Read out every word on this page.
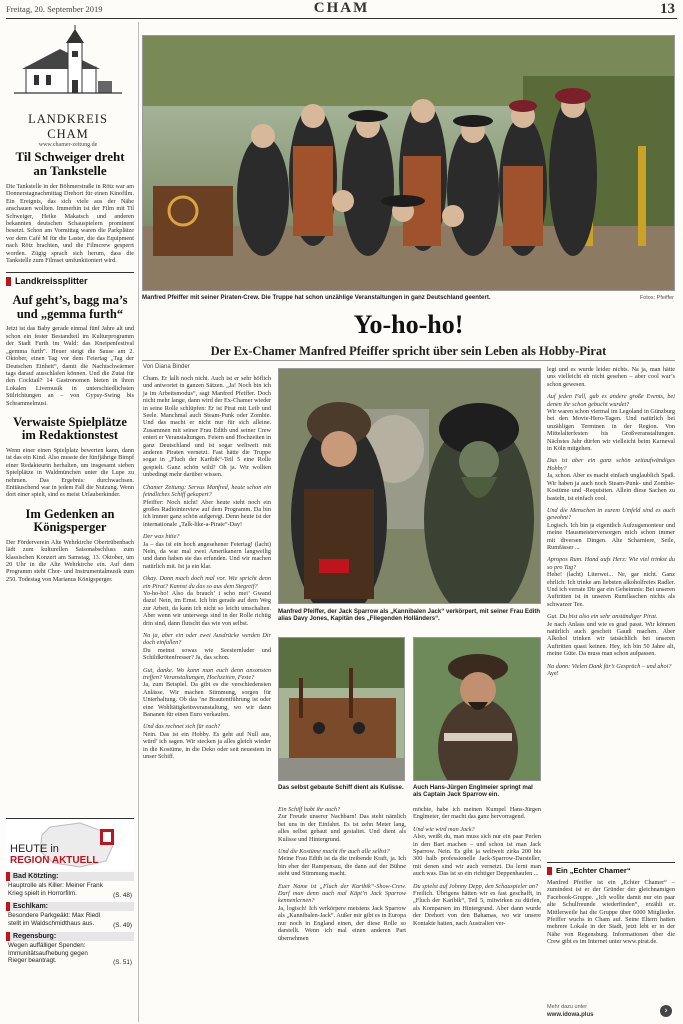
Freitag, 20. September 2019	CHAM	13
LANDKREIS CHAM
www.chamer-zeitung.de
Til Schweiger dreht an Tankstelle
Die Tankstelle in der Böhmerstraße in Rötz war am Donnerstagnachmittag Drehort für einen Kinofilm. Ein Ereignis, das sich viele aus der Nähe anschauen wollten. Immerhin ist der Film mit Til Schweiger, Heike Makatsch und anderen bekannten deutschen Schauspielern prominent besetzt. Schon am Vormittag waren die Parkplätze vor dem Café M für die Laster, die das Equipment nach Rötz brachten, und die Filmcrew gesperrt worden. Zügig sprach sich herum, dass die Tankstelle zum Filmset umfunktioniert wird.
Landkreissplitter
Auf geht’s, bagg ma’s und „gemma furth“
Jetzt ist das Baby gerade einmal fünf Jahre alt und schon ein fester Bestandteil im Kulturprogramm der Stadt Furth im Wald: das Kneipenfestival „gemma furth“. Heuer steigt die Sause am 2. Oktober, einen Tag vor dem Feiertag „Tag der Deutschen Einheit“, damit die Nachtschwärmer tags darauf ausschlafen können. Und die Zutat für den Cocktail? 14 Gastronomen bieten in ihren Lokalen Livemusik in unterschiedlichsten Stilrichtungen an – von Gypsy-Swing bis Schrammelmusi.
Verwaiste Spielplätze im Redaktionstest
Wenn einer einen Spielplatz bewerten kann, dann ist das ein Kind. Also musste der fünfjährige Bimpf einer Redakteurin herhalten, um insgesamt sieben Spielplätze in Waldmünchen unter die Lupe zu nehmen. Das Ergebnis: durchwachsen. Enttäuschend war in jedem Fall die Nutzung. Wenn dort einer spielt, sind es meist Urlauberkinder.
Im Gedenken an Königsperger
Der Förderverein Alte Wehrkirche Obertrübenbach lädt zum kulturellen Saisonabschluss zum klassischen Konzert am Samstag, 13. Oktober, um 20 Uhr in die Alte Wehrkirche ein. Auf dem Programm steht Chor- und Instrumentalmusik zum 250. Todestag von Marianus Königsperger.
HEUTE in
REGION AKTUELL
Bad Kötzting:
Hauptrolle als Killer: Meiner Frank Krieg spielt in Horrorfilm.	(S. 48)
Eschlkam:
Besondere Parkgeäkt: Max Riedl stellt im Waldschmidthaus aus.	(S. 49)
Regensburg:
Wegen auffälliger Spenden: Immunitätsaufhebung gegen Rieger beantragt.	(S. 51)
Manfred Pfeiffer mit seiner Piraten-Crew. Die Truppe hat schon unzählige Veranstaltungen in ganz Deutschland geentert.	Fotos: Pfeiffer
Yo-ho-ho!
Der Ex-Chamer Manfred Pfeiffer spricht über sein Leben als Hobby-Pirat
Von Diana Binder
Cham. Er lallt noch nicht. Auch ist er sehr höflich und antwortet in ganzen Sätzen. „Ja! Noch bin ich ja im Arbeitsmodus“, sagt Manfred Pfeiffer. Doch nicht mehr lange, dann wird der Ex-Chamer wieder in seine Rolle schlüpfen: Er ist Pirat mit Leib und Seele. Manchmal auch Steam-Punk oder Zombie. Und das macht er nicht nur für sich alleine. Zusammen mit seiner Frau Edith und seiner Crew entert er Veranstaltungen. Feiern und Hochzeiten in ganz Deutschland und ist sogar weltweit mit anderen Piraten vernetzt. Fast hätte die Truppe sogar in „Fluch der Karibik“-Teil 5 eine Rolle gespielt. Ganz schön wild? Oh ja. Wir wollten unbedingt mehr darüber wissen.
Chamer Zeitung: Servus Manfred, heute schon ein feindliches Schiff gekapert?
Pfeiffer: Noch nicht! Aber heute steht noch ein großes Radiointerview auf dem Programm. Da bin ich immer ganz schön aufgeregt. Denn heute ist der internationale „Talk-like-a-Pirate“-Day!
Der was bitte?
Ja – das ist ein hoch angesehener Feiertag! (lacht) Nein, da war mal zwei Amerikanern langweilig und dann haben sie das erfunden. Und wir machen natürlich mit. Ist ja ein klar.
Okay. Dann mach doch mal vor. Wie spricht denn ein Pirat? Kannst du das so aus dem Stegreif?
Yo-ho-ho! Also da brauch’ i scho mei’ Gwand dazu! Nein, im Ernst. Ich bin gerade auf dem Weg zur Arbeit, da kann ich nicht so leicht umschalten. Aber wenn wir unterwegs sind in der Rolle richtig drin sind, dann flutscht das wie von selbst.
Na ja, aber ein oder zwei Ausdrücke werden Dir doch einfallen?
Du meinst sowas wie Seesternluder und Schildkrötenfresser? Ja, das schon.
Gut, danke. Wo kann man euch denn ansonsten treffen? Veranstaltungen, Hochzeiten, Feste?
Ja, zum Beispiel. Da gibt es die verschiedensten Anlässe. Wir machen Stimmung, sorgen für Unterhaltung. Ob das ‘ne Brautentführung ist oder eine Wohltätigkeitsveranstaltung, wo wir dann Bananen für einen Euro verkaufen.
Und das rechnet sich für euch?
Nein. Das ist ein Hobby. Es geht auf Null aus, würd’ ich sagen. Wir stecken ja alles gleich wieder in die Kostüme, in die Deko oder seit neuestem in unser Schiff.
Manfred Pfeiffer, der Jack Sparrow als „Kannibalen Jack“ verkörpert, mit seiner Frau Edith alias Davy Jones, Kapitän des „Fliegenden Holländers“.
Das selbst gebaute Schiff dient als Kulisse. Auch Hans-Jürgen Englmeier springt mal als Captain Jack Sparrow ein.
Ein Schiff habt ihr auch?
Zur Freude unserer Nachbarn! Das steht nämlich bei uns in der Einfahrt. Es ist zehn Meter lang, alles selbst gebaut und gestaltet. Und dient als Kulisse und Hintergrund.
Und die Kostüme macht ihr auch alle selbst?
Meine Frau Edith ist da die treibende Kraft, ja. Ich bin eher der Rampensau, die dann auf der Bühne steht und Stimmung macht.
Euer Name ist „Fluch der Karibik“-Show-Crew. Darf man denn auch mal Käpt’n Jack Sparrow kennenlernen?
Ja, logisch! Ich verkörpere meistens Jack Sparrow als „Kannibalen-Jack“. Außer mir gibt es in Europa nur noch in England einen, der diese Rolle so darstellt. Wenn ich mal einen anderen Part übernehmen
möchte, habe ich meinen Kumpel Hans-Jürgen Englmeier, der macht das ganz hervorragend.
Und wie wird man Jack?
Also, weißt du, man muss sich nur ein paar Perlen in den Bart machen – und schon ist man Jack Sparrow. Nein. Es gibt ja weltweit zirka 200 bis 300 halb professionelle Jack-Sparrow-Darsteller, mit denen sind wir auch vernetzt. Da lernt man auch was. Das ist so ein richtiger Deppenhaufen ...
Du spielst auf Johnny Depp, den Schauspieler an?
Freilich. Übrigens hätten wir es fast geschafft, in „Fluch der Karibik“, Teil 5, mitwirken zu dürfen, als Komparsen im Hintergrund. Aber dann wurde der Drehort von den Bahamas, wo wir unsere Kontakte hatten, nach Australien ver-
legt und es wurde leider nichts. Na ja, man hätte uns vielleicht eh nicht gesehen – aber cool war’s schon gewesen.
Auf jeden Fall, gab es andere große Events, bei denen ihr schon gebucht wurdet?
Wir waren schon viermal im Legoland in Günzburg bei den Movie-Hero-Tagen. Und natürlich bei unzähligen Terminen in der Region. Von Mittelalterfesten bis Großveranstaltungen. Nächstes Jahr dürfen wir vielleicht beim Karneval in Köln mitgehen.
Das ist aber ein ganz schön zeitaufwändiges Hobby?
Ja, schon. Aber es macht einfach unglaublich Spaß. Wir haben ja auch noch Steam-Punk- und Zombie-Kostüme und -Requisiten. Allein diese Sachen zu basteln, ist einfach cool.
Und die Menschen in eurem Umfeld sind es auch gewohnt?
Logisch. Ich bin ja eigentlich Aufzugsmonteur und meine Hausmeisterversorgen mich schon immer mit diversen Dingen. Alte Scharniere, Seile, Rumfässer ...
Apropos Rum. Hand aufs Herz: Wie viel trinkst du so pro Tag?
Hehe! (lacht) Literwei... Ne, gar nicht. Ganz ehrlich: Ich trinke am liebsten alkoholfreies Radler. Und ich verrate Dir gar ein Geheimnis: Bei unseren Auftritten ist in unseren Rumflaschen nichts als schwarzer Tee.
Gut. Du bist also ein sehr anständiger Pirat.
Je nach Anlass und wie es grad passt. Wir können natürlich auch gescheit Gaudi machen. Aber Alkohol trinken wir tatsächlich bei unseren Auftritten quasi keinen. Hey, ich bin 50 Jahre alt, meine Güte. Da muss man schon aufpassen.
Na dann: Vielen Dank für’s Gespräch – und ahoi?
Aye!
Ein „Echter Chamer“
Manfred Pfeiffer ist ein „Echter Chamer“ – zumindest ist er der Gründer der gleichnamigen Facebook-Gruppe. „Ich wollte damit nur ein paar alte Schulfreunde wiederfinden“, erzählt er. Mittlerweile hat die Gruppe über 6000 Mitglieder. Pfeiffer wuchs in Cham auf. Seine Eltern hatten mehrere Lokale in der Stadt, jetzt lebt er in der Nähe von Regensburg. Informationen über die Crew gibt es im Internet unter www.pirat.de.
Mehr dazu unter
www.idowa.plus	›
